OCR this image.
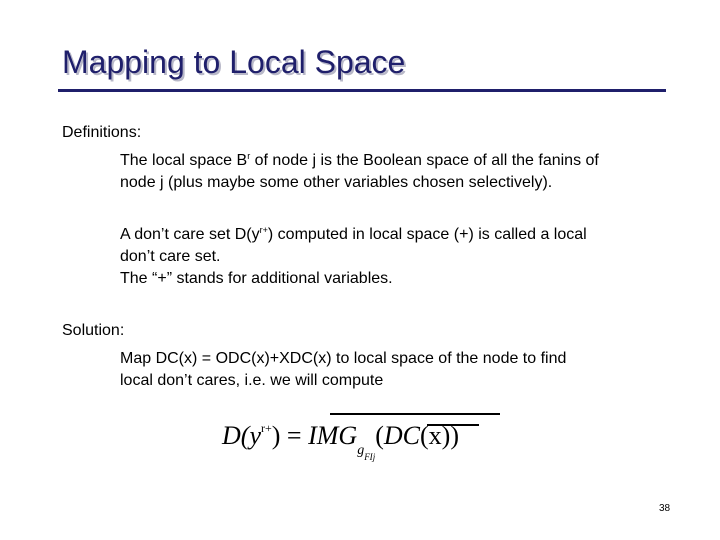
Mapping to Local Space
Definitions:
The local space $B^r$ of node j is the Boolean space of all the fanins of
node j (plus maybe some other variables chosen selectively).
A don’t care set $D(y^{r+})$ computed in local space (+) is called a local
don’t care set.
The “+” stands for additional variables.
Solution:
Map DC(x) = ODC(x)+XDC(x) to local space of the node to find
local don’t cares, i.e. we will compute
$D(y^{r+}) = IMG_{gFIj}(DC(x))$
38
